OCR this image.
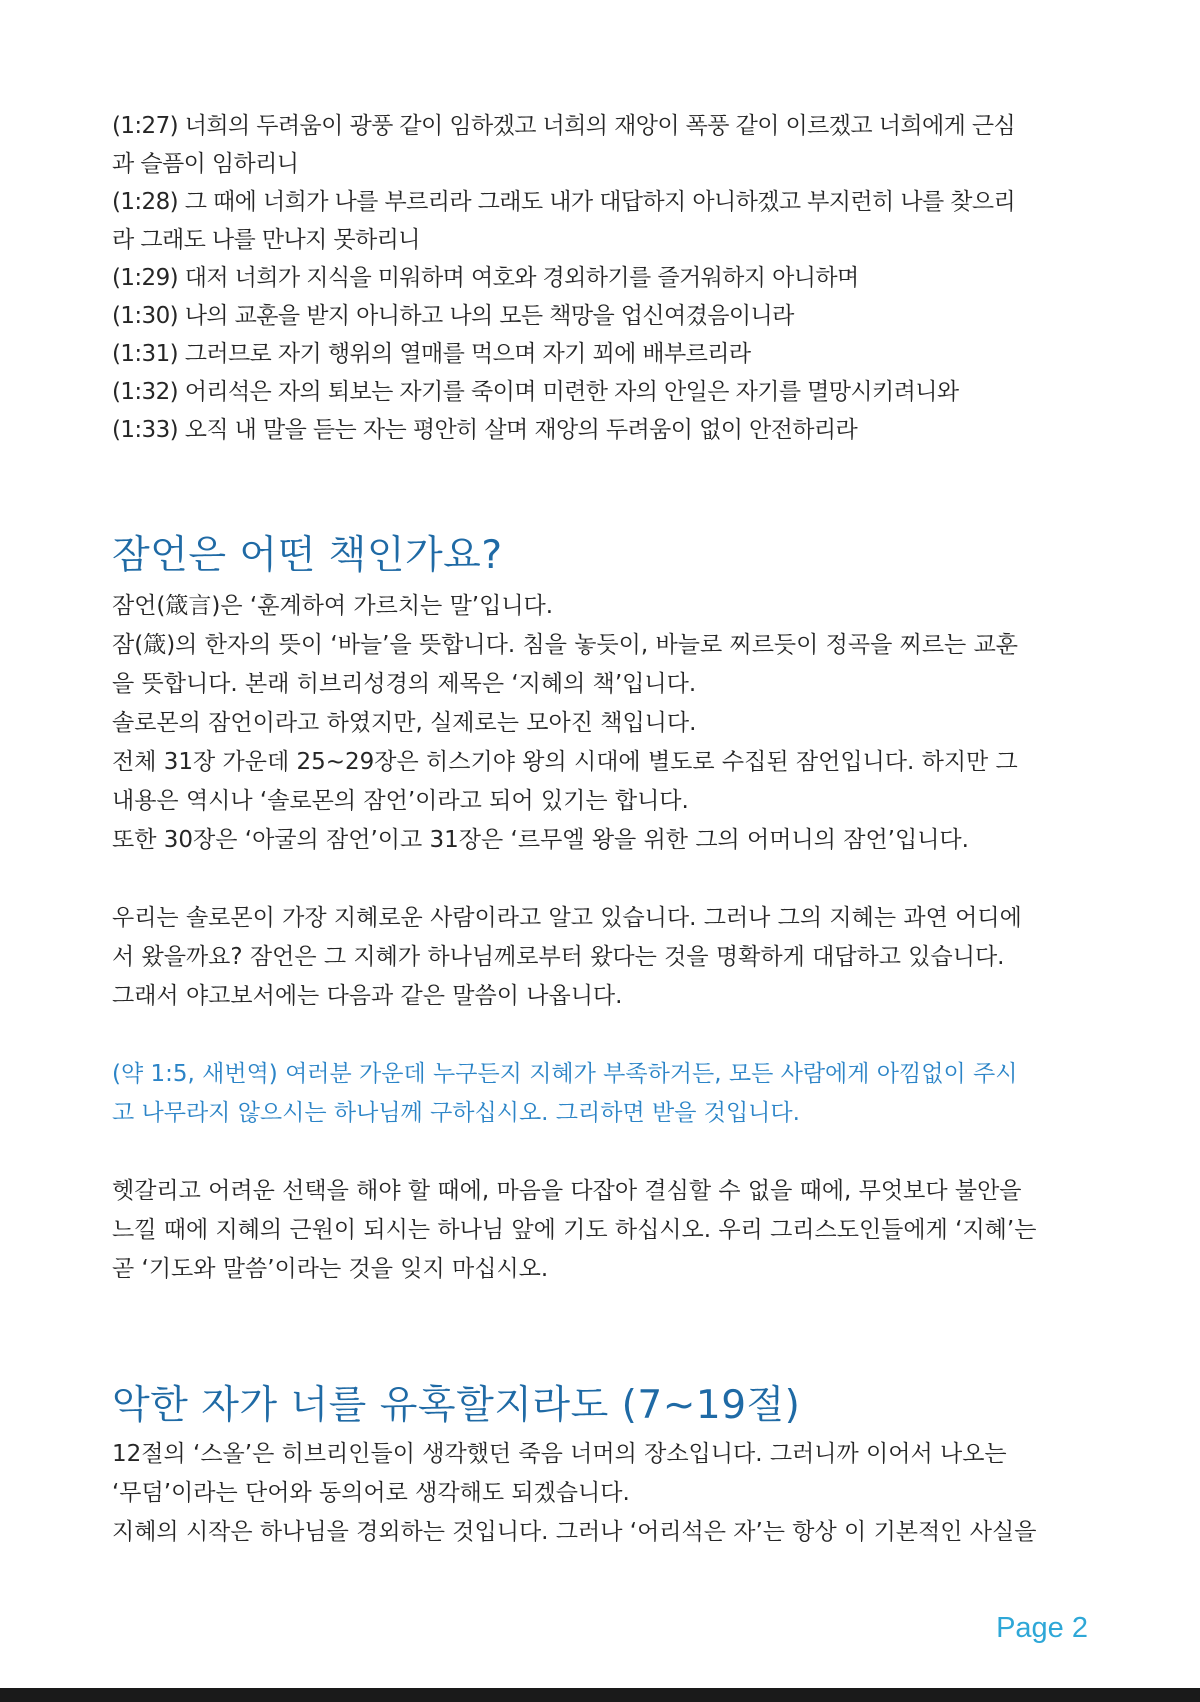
(1:27) 너희의 두려움이 광풍 같이 임하겠고 너희의 재앙이 폭풍 같이 이르겠고 너희에게 근심

과 슬픔이 임하리니

(1:28) 그 때에 너희가 나를 부르리라 그래도 내가 대답하지 아니하겠고 부지런히 나를 찾으리

라 그래도 나를 만나지 못하리니

(1:29) 대저 너희가 지식을 미워하며 여호와 경외하기를 즐거워하지 아니하며

(1:30) 나의 교훈을 받지 아니하고 나의 모든 책망을 업신여겼음이니라

(1:31) 그러므로 자기 행위의 열매를 먹으며 자기 꾀에 배부르리라

(1:32) 어리석은 자의 퇴보는 자기를 죽이며 미련한 자의 안일은 자기를 멸망시키려니와

(1:33) 오직 내 말을 듣는 자는 평안히 살며 재앙의 두려움이 없이 안전하리라

잠언은 어떤 책인가요?

잠언(箴言)은 ‘훈계하여 가르치는 말’입니다.

잠(箴)의 한자의 뜻이 ‘바늘’을 뜻합니다. 침을 놓듯이, 바늘로 찌르듯이 정곡을 찌르는 교훈

을 뜻합니다. 본래 히브리성경의 제목은 ‘지혜의 책’입니다.

솔로몬의 잠언이라고 하였지만, 실제로는 모아진 책입니다.

전체 31장 가운데 25~29장은 히스기야 왕의 시대에 별도로 수집된 잠언입니다. 하지만 그

내용은 역시나 ‘솔로몬의 잠언’이라고 되어 있기는 합니다.

또한 30장은 ‘아굴의 잠언’이고 31장은 ‘르무엘 왕을 위한 그의 어머니의 잠언’입니다.

우리는 솔로몬이 가장 지혜로운 사람이라고 알고 있습니다. 그러나 그의 지혜는 과연 어디에

서 왔을까요? 잠언은 그 지혜가 하나님께로부터 왔다는 것을 명확하게 대답하고 있습니다.

그래서 야고보서에는 다음과 같은 말씀이 나옵니다.

(약 1:5, 새번역) 여러분 가운데 누구든지 지혜가 부족하거든, 모든 사람에게 아낌없이 주시

고 나무라지 않으시는 하나님께 구하십시오. 그리하면 받을 것입니다.

헷갈리고 어려운 선택을 해야 할 때에, 마음을 다잡아 결심할 수 없을 때에, 무엇보다 불안을

느낄 때에 지혜의 근원이 되시는 하나님 앞에 기도 하십시오. 우리 그리스도인들에게 ‘지혜’는

곧 ‘기도와 말씀’이라는 것을 잊지 마십시오.

악한 자가 너를 유혹할지라도 (7~19절)

12절의 ‘스올’은 히브리인들이 생각했던 죽음 너머의 장소입니다. 그러니까 이어서 나오는

‘무덤’이라는 단어와 동의어로 생각해도 되겠습니다.

지혜의 시작은 하나님을 경외하는 것입니다. 그러나 ‘어리석은 자’는 항상 이 기본적인 사실을

Page 2
